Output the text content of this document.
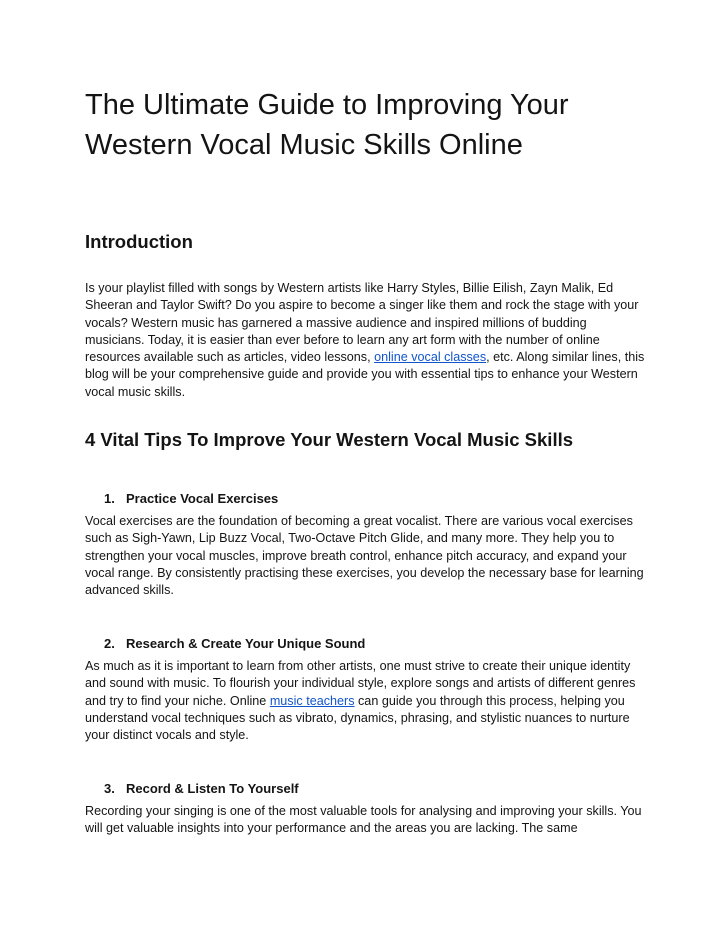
The Ultimate Guide to Improving Your Western Vocal Music Skills Online
Introduction

Is your playlist filled with songs by Western artists like Harry Styles, Billie Eilish, Zayn Malik, Ed Sheeran and Taylor Swift? Do you aspire to become a singer like them and rock the stage with your vocals? Western music has garnered a massive audience and inspired millions of budding musicians. Today, it is easier than ever before to learn any art form with the number of online resources available such as articles, video lessons, online vocal classes, etc. Along similar lines, this blog will be your comprehensive guide and provide you with essential tips to enhance your Western vocal music skills.

4 Vital Tips To Improve Your Western Vocal Music Skills
1. Practice Vocal Exercises

Vocal exercises are the foundation of becoming a great vocalist. There are various vocal exercises such as Sigh-Yawn, Lip Buzz Vocal, Two-Octave Pitch Glide, and many more. They help you to strengthen your vocal muscles, improve breath control, enhance pitch accuracy, and expand your vocal range. By consistently practising these exercises, you develop the necessary base for learning advanced skills.

2. Research & Create Your Unique Sound

As much as it is important to learn from other artists, one must strive to create their unique identity and sound with music. To flourish your individual style, explore songs and artists of different genres and try to find your niche. Online music teachers can guide you through this process, helping you understand vocal techniques such as vibrato, dynamics, phrasing, and stylistic nuances to nurture your distinct vocals and style.

3. Record & Listen To Yourself

Recording your singing is one of the most valuable tools for analysing and improving your skills. You will get valuable insights into your performance and the areas you are lacking. The same
